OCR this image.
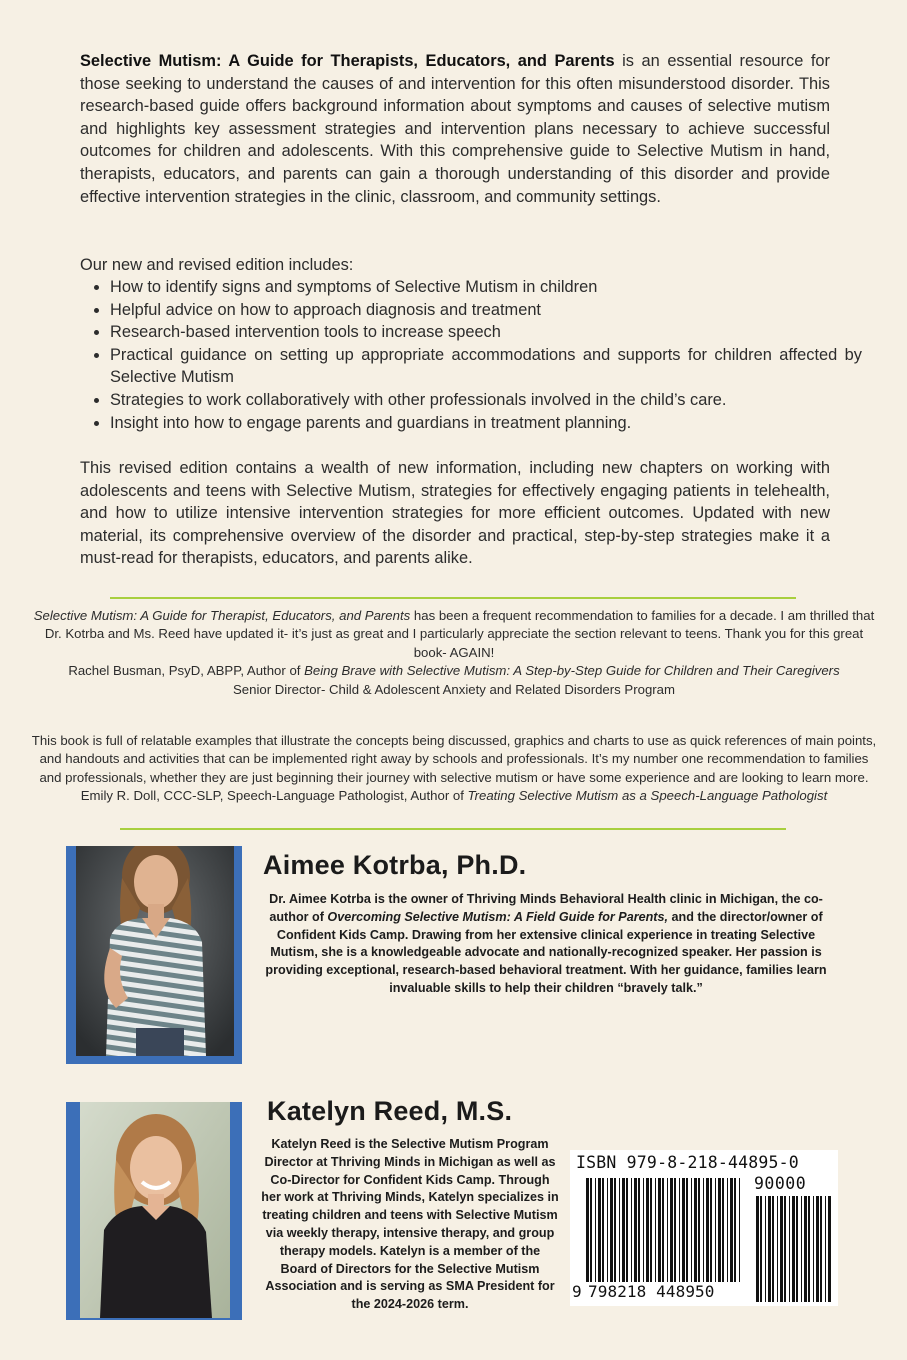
Selective Mutism: A Guide for Therapists, Educators, and Parents is an essential resource for those seeking to understand the causes of and intervention for this often misunderstood disorder. This research-based guide offers background information about symptoms and causes of selective mutism and highlights key assessment strategies and intervention plans necessary to achieve successful outcomes for children and adolescents. With this comprehensive guide to Selective Mutism in hand, therapists, educators, and parents can gain a thorough understanding of this disorder and provide effective intervention strategies in the clinic, classroom, and community settings.
Our new and revised edition includes:
• How to identify signs and symptoms of Selective Mutism in children
• Helpful advice on how to approach diagnosis and treatment
• Research-based intervention tools to increase speech
• Practical guidance on setting up appropriate accommodations and supports for children affected by Selective Mutism
• Strategies to work collaboratively with other professionals involved in the child’s care.
• Insight into how to engage parents and guardians in treatment planning.
This revised edition contains a wealth of new information, including new chapters on working with adolescents and teens with Selective Mutism, strategies for effectively engaging patients in telehealth, and how to utilize intensive intervention strategies for more efficient outcomes. Updated with new material, its comprehensive overview of the disorder and practical, step-by-step strategies make it a must-read for therapists, educators, and parents alike.
Selective Mutism: A Guide for Therapist, Educators, and Parents has been a frequent recommendation to families for a decade. I am thrilled that Dr. Kotrba and Ms. Reed have updated it- it’s just as great and I particularly appreciate the section relevant to teens. Thank you for this great book- AGAIN!
Rachel Busman, PsyD, ABPP, Author of Being Brave with Selective Mutism: A Step-by-Step Guide for Children and Their Caregivers
Senior Director- Child & Adolescent Anxiety and Related Disorders Program
This book is full of relatable examples that illustrate the concepts being discussed, graphics and charts to use as quick references of main points, and handouts and activities that can be implemented right away by schools and professionals. It’s my number one recommendation to families and professionals, whether they are just beginning their journey with selective mutism or have some experience and are looking to learn more.
Emily R. Doll, CCC-SLP, Speech-Language Pathologist, Author of Treating Selective Mutism as a Speech-Language Pathologist
Aimee Kotrba, Ph.D.
Dr. Aimee Kotrba is the owner of Thriving Minds Behavioral Health clinic in Michigan, the co-author of Overcoming Selective Mutism: A Field Guide for Parents, and the director/owner of Confident Kids Camp. Drawing from her extensive clinical experience in treating Selective Mutism, she is a knowledgeable advocate and nationally-recognized speaker. Her passion is providing exceptional, research-based behavioral treatment. With her guidance, families learn invaluable skills to help their children “bravely talk.”
Katelyn Reed, M.S.
Katelyn Reed is the Selective Mutism Program Director at Thriving Minds in Michigan as well as Co-Director for Confident Kids Camp. Through her work at Thriving Minds, Katelyn specializes in treating children and teens with Selective Mutism via weekly therapy, intensive therapy, and group therapy models. Katelyn is a member of the Board of Directors for the Selective Mutism Association and is serving as SMA President for the 2024-2026 term.
ISBN 979-8-218-44895-0
90000
9 798218 448950
